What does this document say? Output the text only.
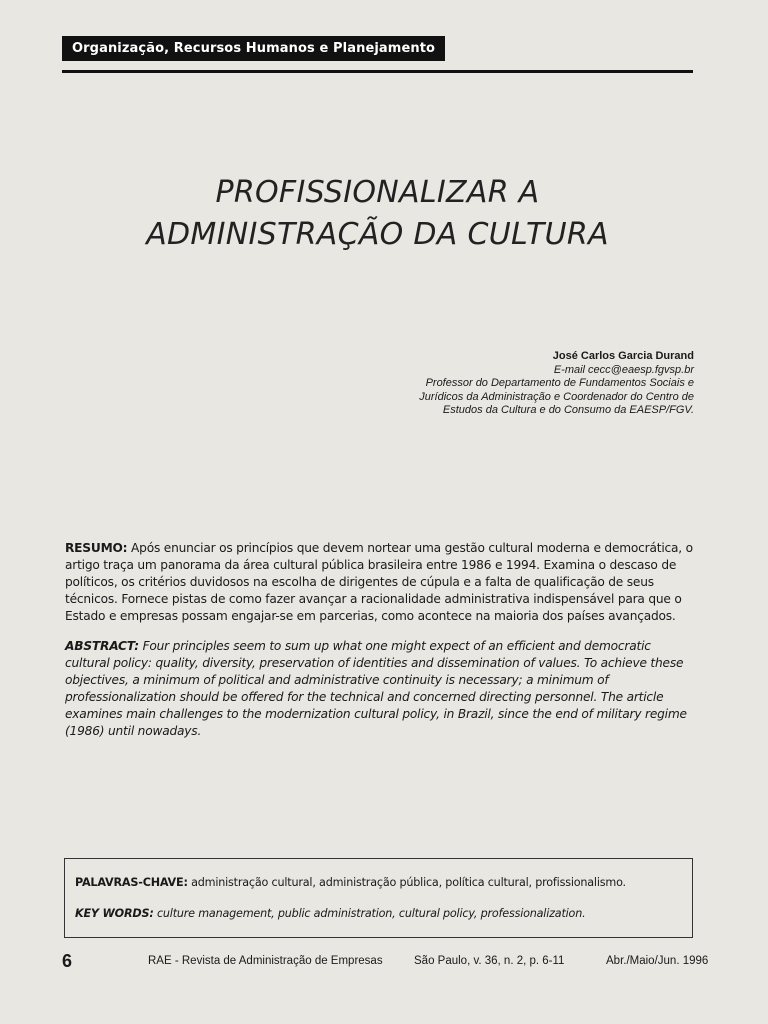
Organização, Recursos Humanos e Planejamento
PROFISSIONALIZAR A
ADMINISTRAÇÃO DA CULTURA
José Carlos Garcia Durand
E-mail cecc@eaesp.fgvsp.br
Professor do Departamento de Fundamentos Sociais e
Jurídicos da Administração e Coordenador do Centro de
Estudos da Cultura e do Consumo da EAESP/FGV.

RESUMO: Após enunciar os princípios que devem nortear uma gestão cultural moderna e democrática, o artigo traça um panorama da área cultural pública brasileira entre 1986 e 1994. Examina o descaso de políticos, os critérios duvidosos na escolha de dirigentes de cúpula e a falta de qualificação de seus técnicos. Fornece pistas de como fazer avançar a racionalidade administrativa indispensável para que o Estado e empresas possam engajar-se em parcerias, como acontece na maioria dos países avançados.

ABSTRACT: Four principles seem to sum up what one might expect of an efficient and democratic cultural policy: quality, diversity, preservation of identities and dissemination of values. To achieve these objectives, a minimum of political and administrative continuity is necessary; a minimum of professionalization should be offered for the technical and concerned directing personnel. The article examines main challenges to the modernization cultural policy, in Brazil, since the end of military regime (1986) until nowadays.

PALAVRAS-CHAVE: administração cultural, administração pública, política cultural, profissionalismo.
KEY WORDS: culture management, public administration, cultural policy, professionalization.
6	RAE - Revista de Administração de Empresas	São Paulo, v. 36, n. 2, p. 6-11	Abr./Maio/Jun. 1996
